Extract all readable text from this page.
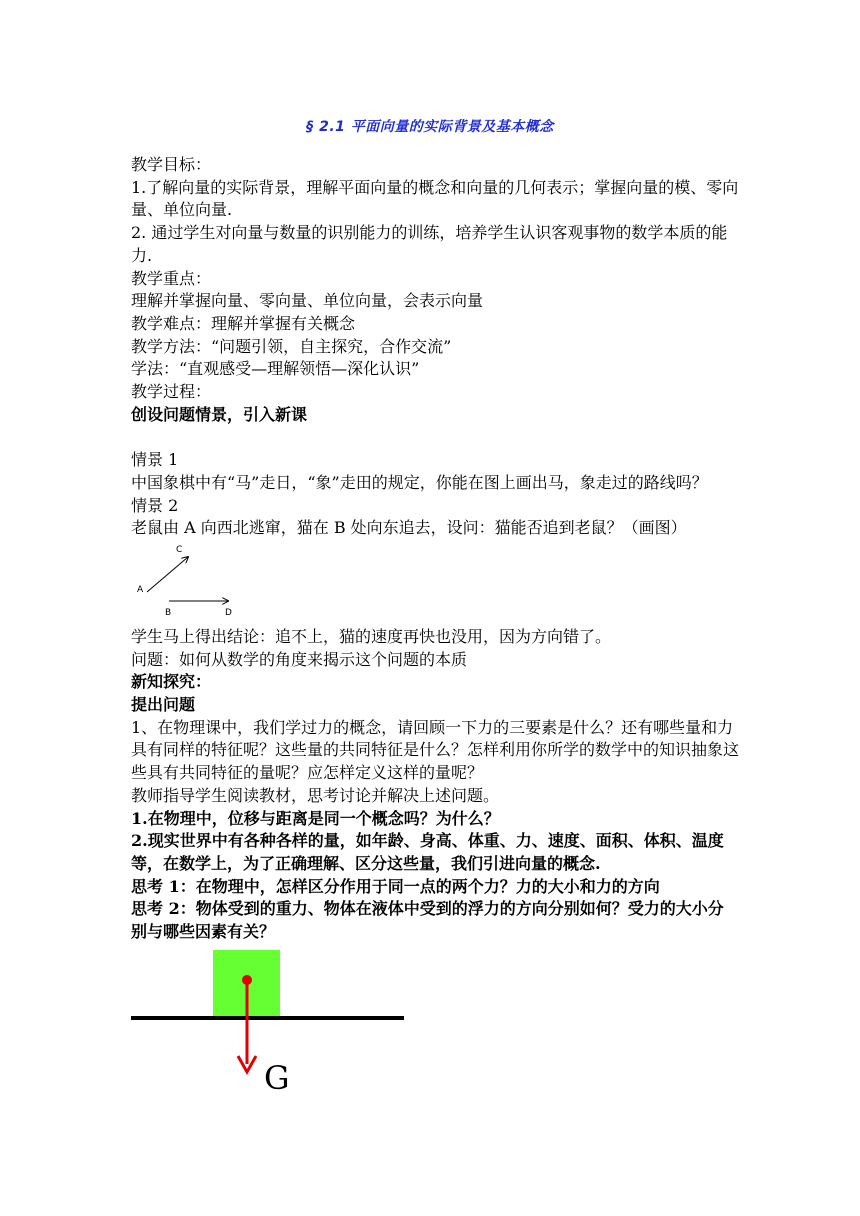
§ 2.1 平面向量的实际背景及基本概念

教学目标：

1.了解向量的实际背景，理解平面向量的概念和向量的几何表示；掌握向量的模、零向量、单位向量.

2. 通过学生对向量与数量的识别能力的训练，培养学生认识客观事物的数学本质的能力.

教学重点：

理解并掌握向量、零向量、单位向量，会表示向量

教学难点：理解并掌握有关概念

教学方法：“问题引领，自主探究，合作交流”

学法：“直观感受—理解领悟—深化认识”

教学过程：

创设问题情景，引入新课

情景 1

中国象棋中有“马”走日，“象”走田的规定，你能在图上画出马，象走过的路线吗？

情景 2

老鼠由 A 向西北逃窜，猫在 B 处向东追去，设问：猫能否追到老鼠？（画图）

C
A
B	D

学生马上得出结论：追不上，猫的速度再快也没用，因为方向错了。

问题：如何从数学的角度来揭示这个问题的本质

新知探究：

提出问题

1、在物理课中，我们学过力的概念，请回顾一下力的三要素是什么？还有哪些量和力具有同样的特征呢？这些量的共同特征是什么？怎样利用你所学的数学中的知识抽象这些具有共同特征的量呢？应怎样定义这样的量呢？

教师指导学生阅读教材，思考讨论并解决上述问题。

1.在物理中，位移与距离是同一个概念吗？为什么？

2.现实世界中有各种各样的量，如年龄、身高、体重、力、速度、面积、体积、温度等，在数学上，为了正确理解、区分这些量，我们引进向量的概念.

思考 1：在物理中，怎样区分作用于同一点的两个力？力的大小和力的方向

思考 2：物体受到的重力、物体在液体中受到的浮力的方向分别如何？受力的大小分别与哪些因素有关？

G
